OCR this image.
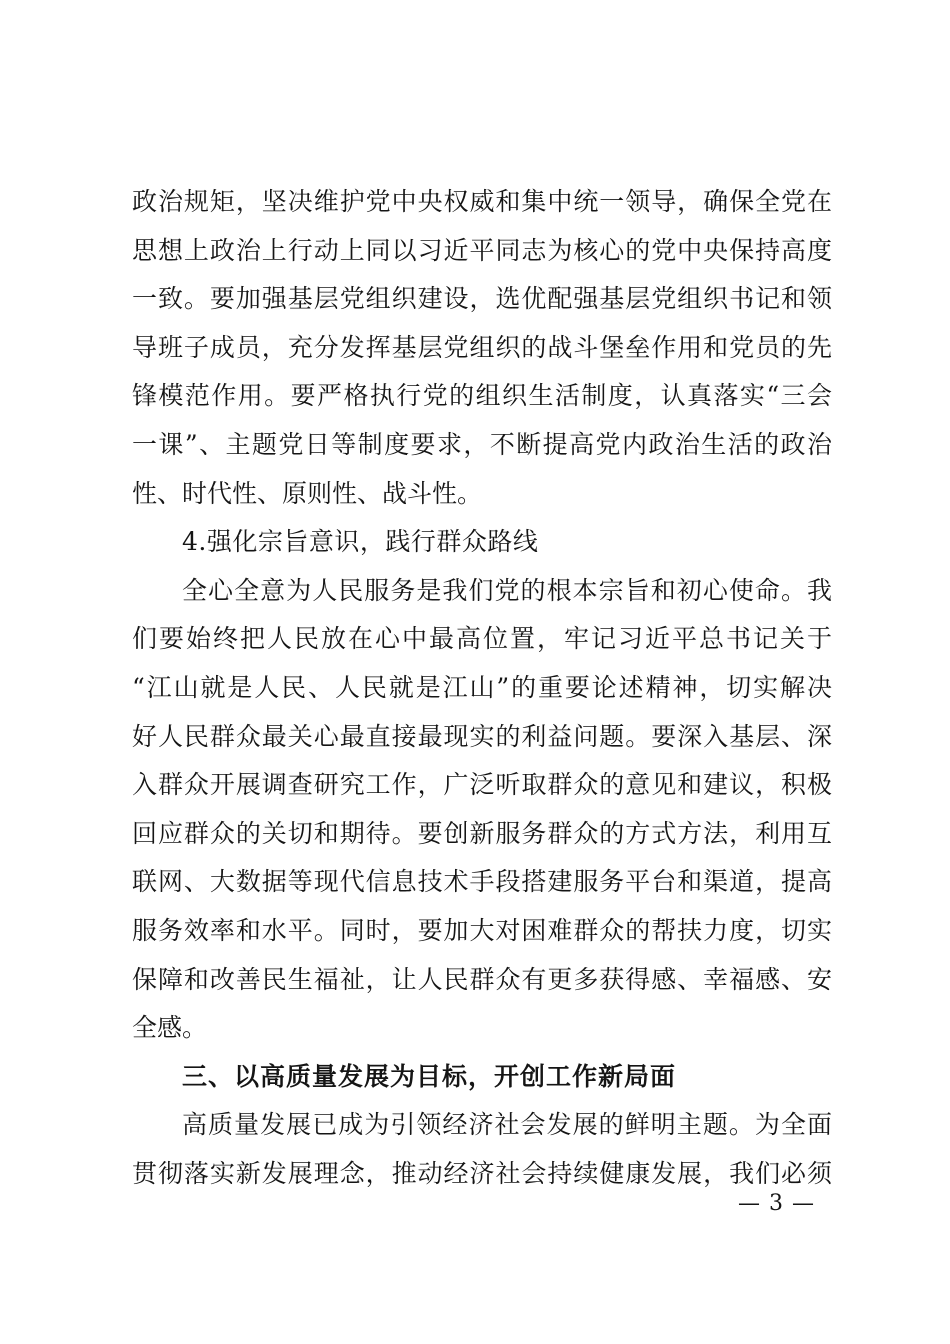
政治规矩，坚决维护党中央权威和集中统一领导，确保全党在
思想上政治上行动上同以习近平同志为核心的党中央保持高度
一致。要加强基层党组织建设，选优配强基层党组织书记和领
导班子成员，充分发挥基层党组织的战斗堡垒作用和党员的先
锋模范作用。要严格执行党的组织生活制度，认真落实“三会
一课”、主题党日等制度要求，不断提高党内政治生活的政治
性、时代性、原则性、战斗性。
4.强化宗旨意识，践行群众路线
全心全意为人民服务是我们党的根本宗旨和初心使命。我
们要始终把人民放在心中最高位置，牢记习近平总书记关于
“江山就是人民、人民就是江山”的重要论述精神，切实解决
好人民群众最关心最直接最现实的利益问题。要深入基层、深
入群众开展调查研究工作，广泛听取群众的意见和建议，积极
回应群众的关切和期待。要创新服务群众的方式方法，利用互
联网、大数据等现代信息技术手段搭建服务平台和渠道，提高
服务效率和水平。同时，要加大对困难群众的帮扶力度，切实
保障和改善民生福祉，让人民群众有更多获得感、幸福感、安
全感。
三、以高质量发展为目标，开创工作新局面
高质量发展已成为引领经济社会发展的鲜明主题。为全面
贯彻落实新发展理念，推动经济社会持续健康发展，我们必须
— 3 —
